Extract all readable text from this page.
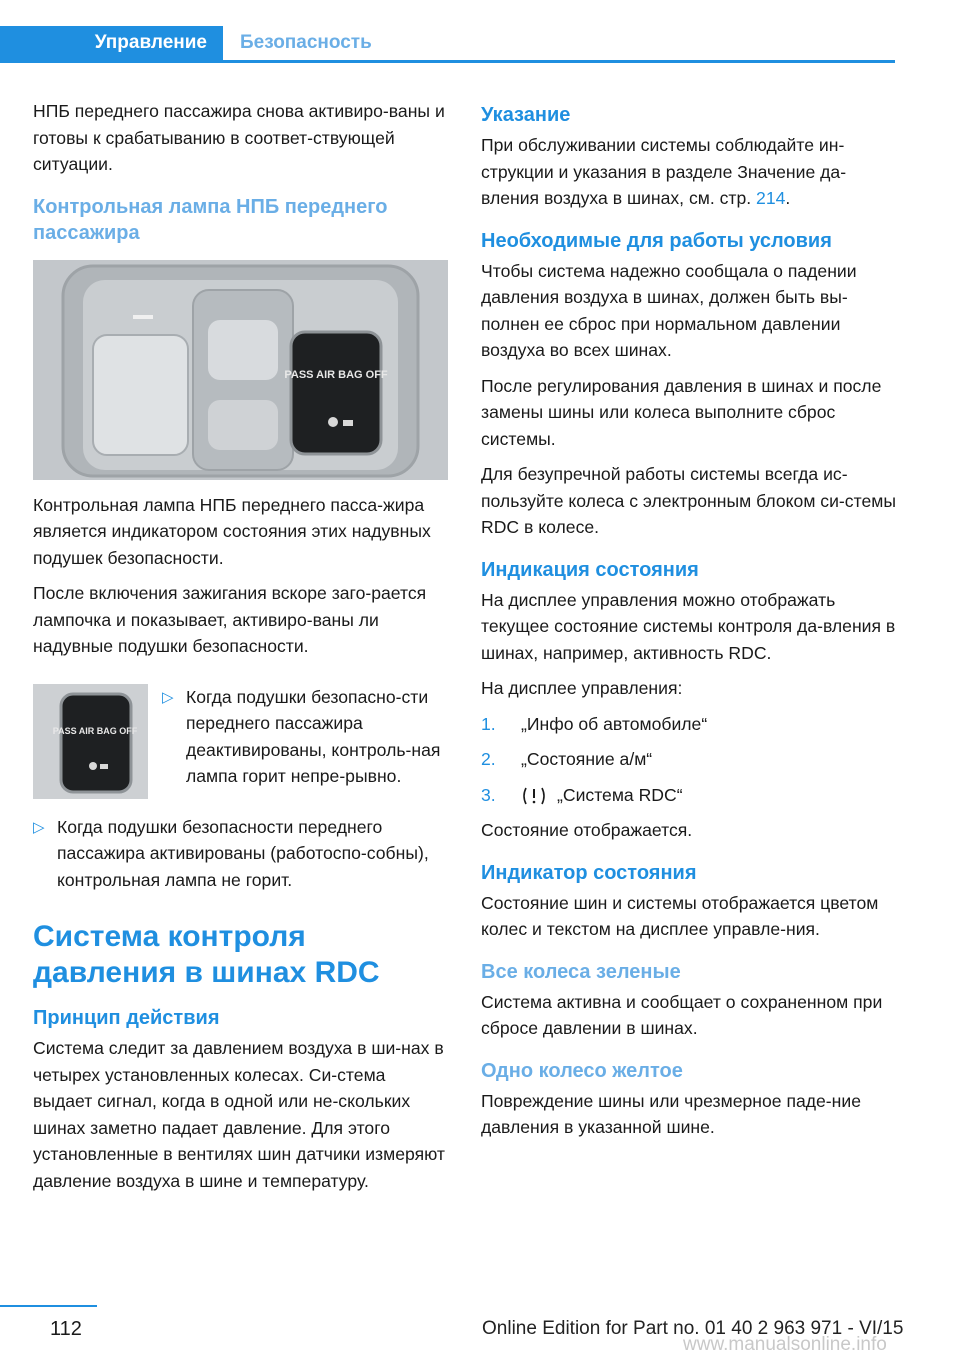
Управление	Безопасность

НПБ переднего пассажира снова активиро-ваны и готовы к срабатыванию в соответ-ствующей ситуации.

Контрольная лампа НПБ переднего пассажира
PASS AIR BAG OFF

Контрольная лампа НПБ переднего пасса-жира является индикатором состояния этих надувных подушек безопасности.

После включения зажигания вскоре заго-рается лампочка и показывает, активиро-ваны ли надувные подушки безопасности.

PASS AIR BAG OFF
▷ Когда подушки безопасно-сти переднего пассажира деактивированы, контроль-ная лампа горит непре-рывно.
▷ Когда подушки безопасности переднего пассажира активированы (работоспо-собны), контрольная лампа не горит.
Система контроля давления в шинах RDC
Принцип действия

Система следит за давлением воздуха в ши-нах в четырех установленных колесах. Си-стема выдает сигнал, когда в одной или не-скольких шинах заметно падает давление. Для этого установленные в вентилях шин датчики измеряют давление воздуха в шине и температуру.

Указание

При обслуживании системы соблюдайте ин-струкции и указания в разделе Значение да-вления воздуха в шинах, см. стр. 214.

Необходимые для работы условия

Чтобы система надежно сообщала о падении давления воздуха в шинах, должен быть вы-полнен ее сброс при нормальном давлении воздуха во всех шинах.

После регулирования давления в шинах и после замены шины или колеса выполните сброс системы.

Для безупречной работы системы всегда ис-пользуйте колеса с электронным блоком си-стемы RDC в колесе.

Индикация состояния

На дисплее управления можно отображать текущее состояние системы контроля да-вления в шинах, например, активность RDC.

На дисплее управления:

1.	„Инфо об автомобиле“
2.	„Состояние а/м“
3.	„Система RDC“

Состояние отображается.

Индикатор состояния

Состояние шин и системы отображается цветом колес и текстом на дисплее управле-ния.

Все колеса зеленые

Система активна и сообщает о сохраненном при сбросе давлении в шинах.

Одно колесо желтое

Повреждение шины или чрезмерное паде-ние давления в указанной шине.

112	Online Edition for Part no. 01 40 2 963 971 - VI/15
www.manualsonline.info
